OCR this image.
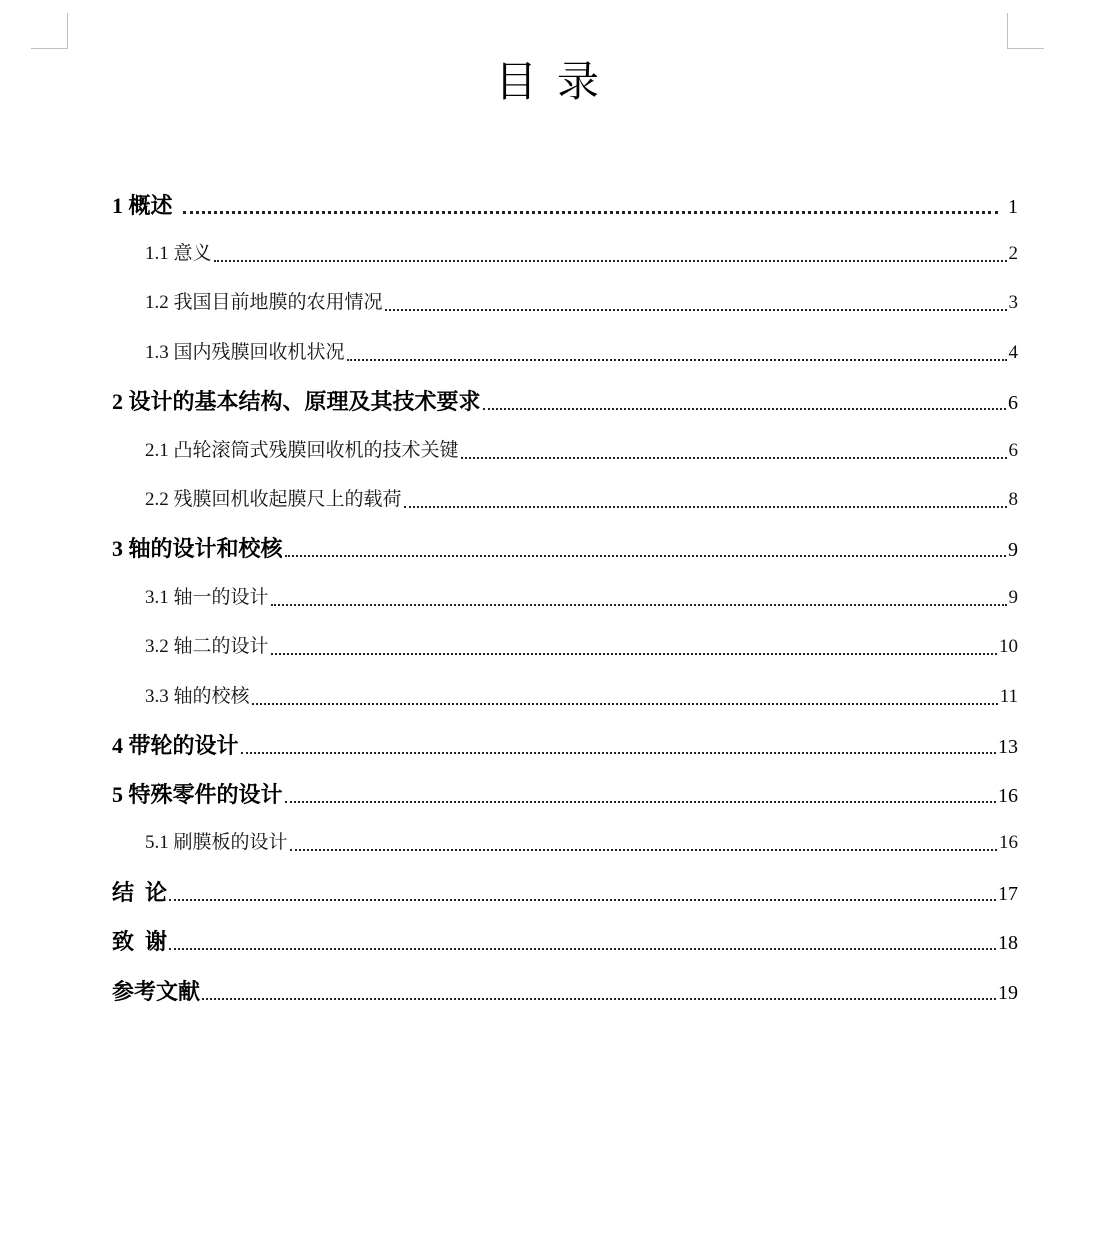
目录
1 概述	1
1.1 意义	2
1.2 我国目前地膜的农用情况	3
1.3 国内残膜回收机状况	4
2 设计的基本结构、原理及其技术要求	6
2.1 凸轮滚筒式残膜回收机的技术关键	6
2.2 残膜回机收起膜尺上的载荷	8
3 轴的设计和校核	9
3.1 轴一的设计	9
3.2 轴二的设计	10
3.3 轴的校核	11
4 带轮的设计	13
5 特殊零件的设计	16
5.1 刷膜板的设计	16
结  论	17
致  谢	18
参考文献	19
